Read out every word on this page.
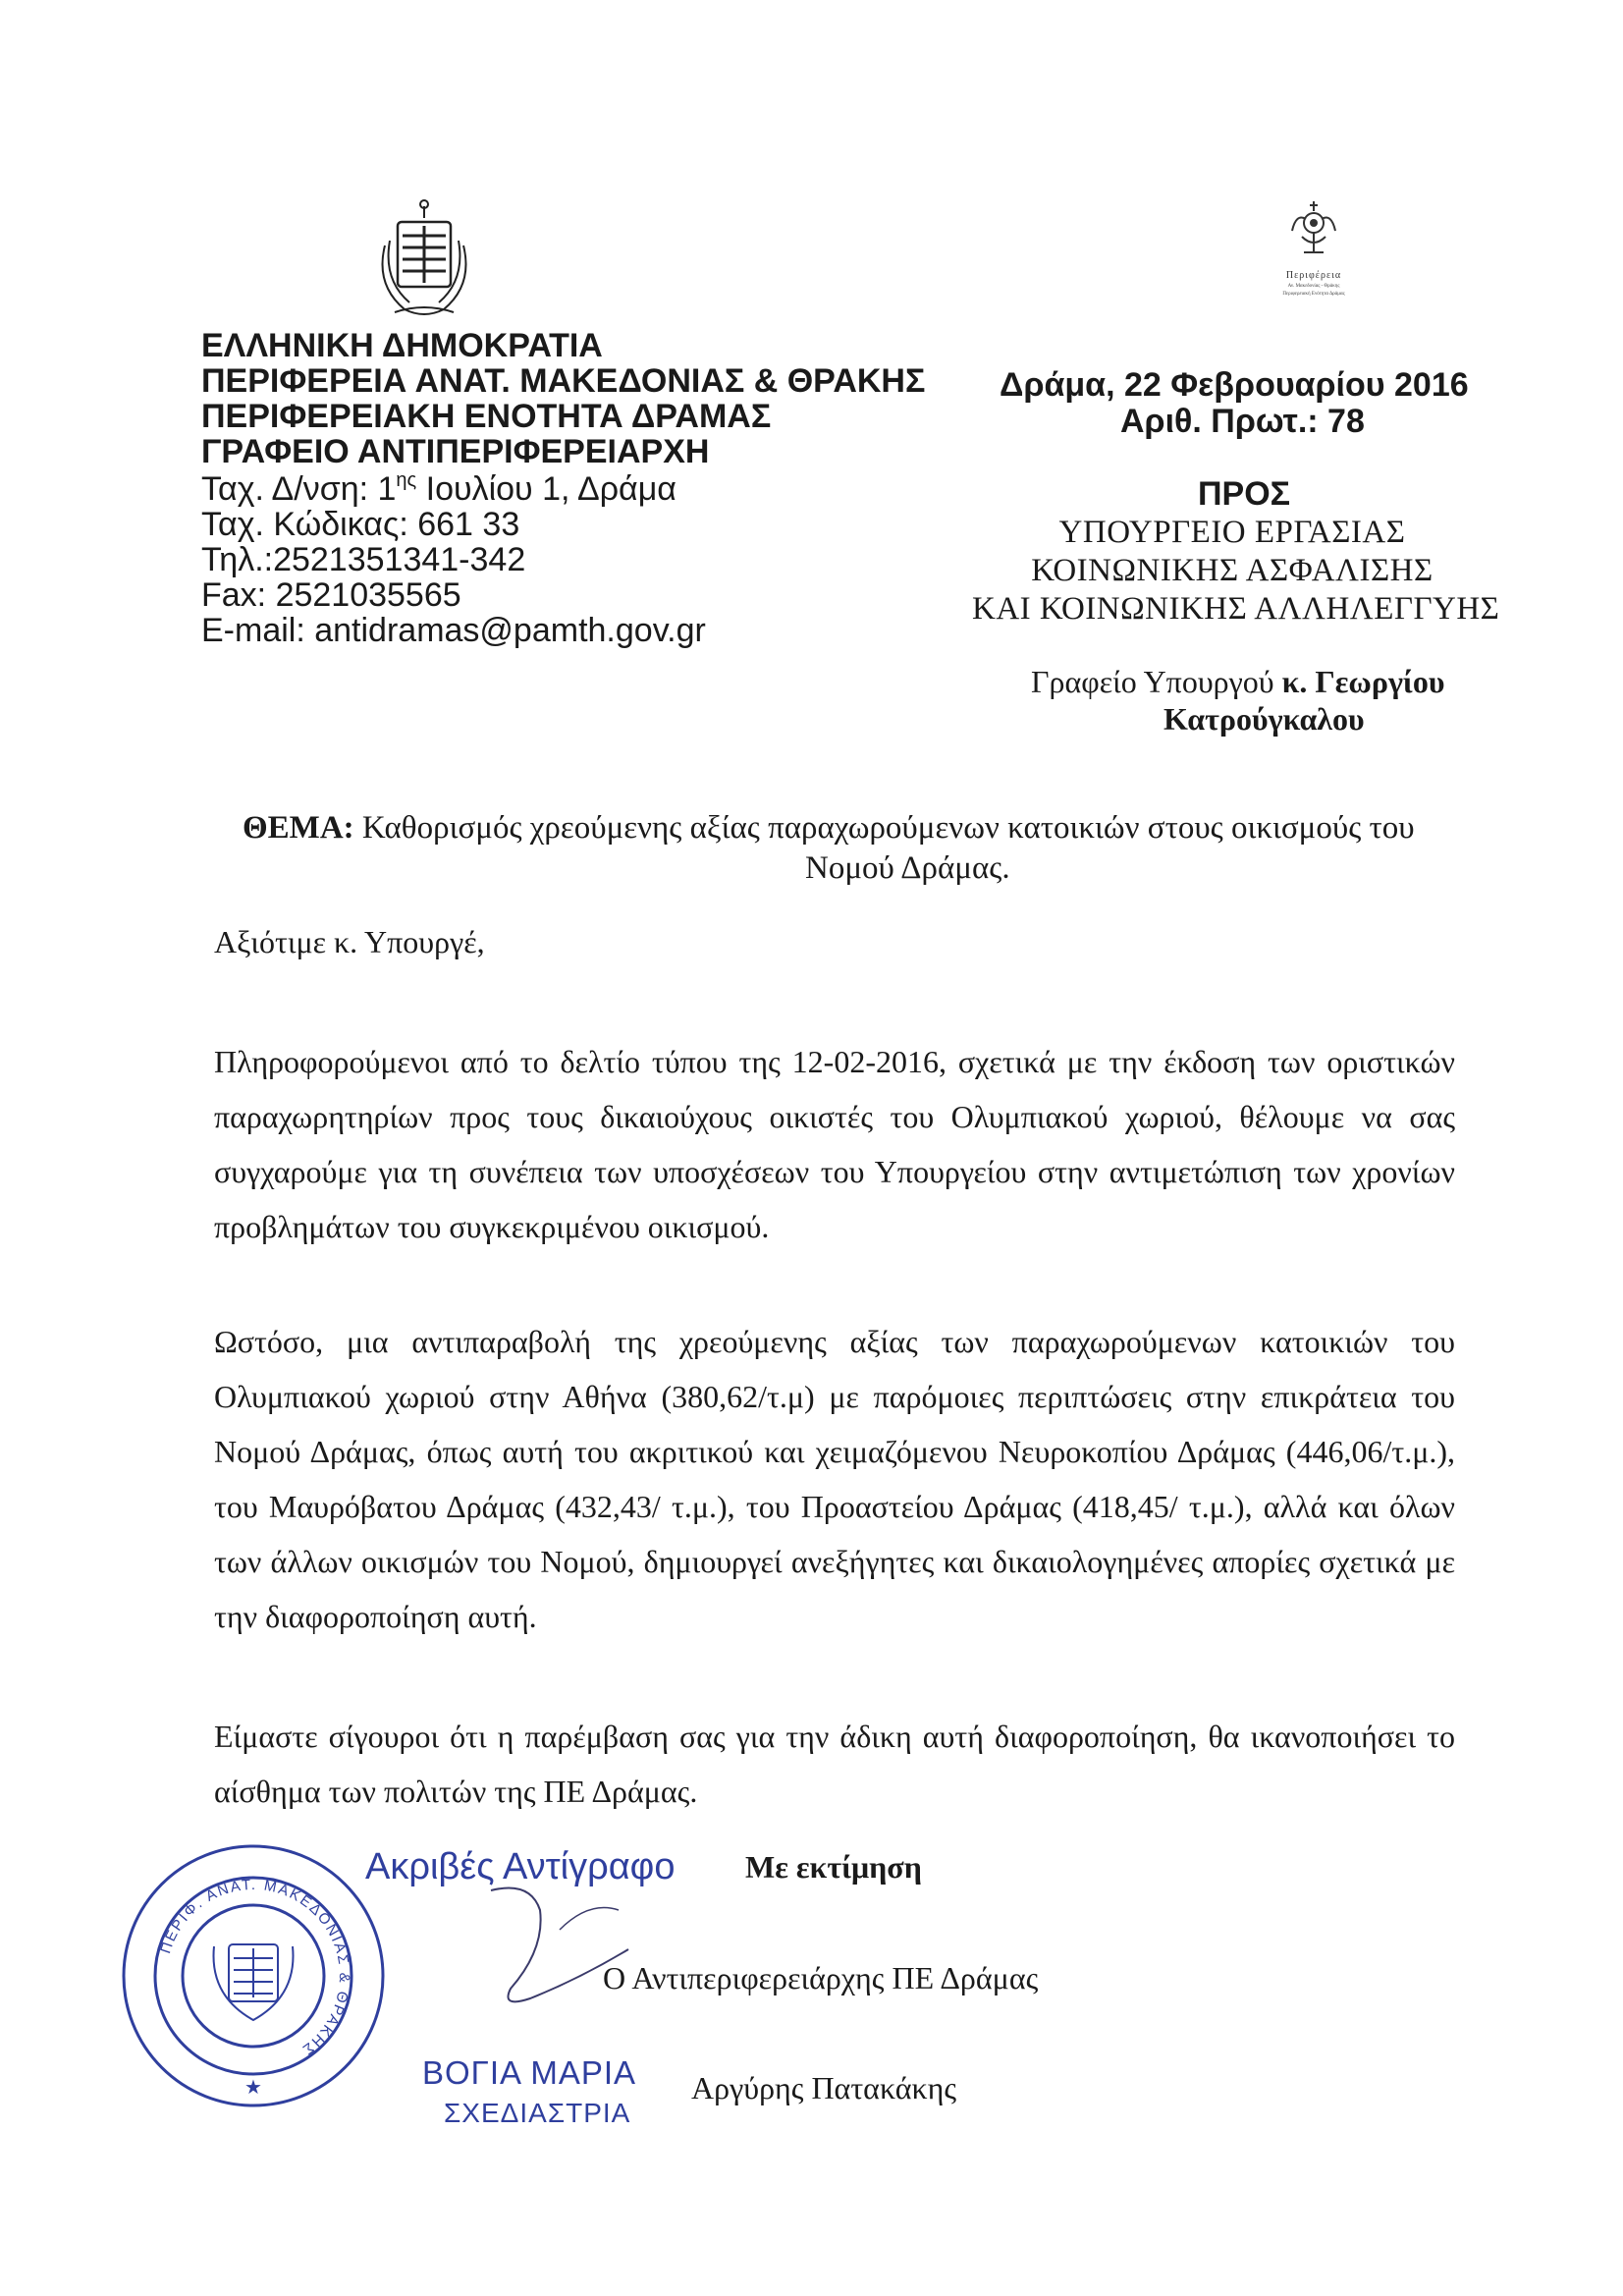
Περιφέρεια
Αν. Μακεδονίας - Θράκης
Περιφερειακή Ενότητα Δράμας
ΕΛΛΗΝΙΚΗ ΔΗΜΟΚΡΑΤΙΑ
ΠΕΡΙΦΕΡΕΙΑ ΑΝΑΤ. ΜΑΚΕΔΟΝΙΑΣ & ΘΡΑΚΗΣ
ΠΕΡΙΦΕΡΕΙΑΚΗ ΕΝΟΤΗΤΑ ΔΡΑΜΑΣ
ΓΡΑΦΕΙΟ ΑΝΤΙΠΕΡΙΦΕΡΕΙΑΡΧΗ
Ταχ. Δ/νση: $1^{\eta\varsigma}$ Ιουλίου 1, Δράμα
Ταχ. Κώδικας: 661 33
Τηλ.:2521351341-342
Fax: 2521035565
E-mail: antidramas@pamth.gov.gr
Δράμα, 22 Φεβρουαρίου 2016
Αριθ. Πρωτ.: 78
ΠΡΟΣ
ΥΠΟΥΡΓΕΙΟ ΕΡΓΑΣΙΑΣ
ΚΟΙΝΩΝΙΚΗΣ ΑΣΦΑΛΙΣΗΣ
ΚΑΙ ΚΟΙΝΩΝΙΚΗΣ ΑΛΛΗΛΕΓΓΥΗΣ
Γραφείο Υπουργού κ. Γεωργίου
Κατρούγκαλου
ΘΕΜΑ: Καθορισμός χρεούμενης αξίας παραχωρούμενων κατοικιών στους οικισμούς του
Νομού Δράμας.
Αξιότιμε κ. Υπουργέ,
Πληροφορούμενοι από το δελτίο τύπου της 12-02-2016, σχετικά με την έκδοση των οριστικών παραχωρητηρίων προς τους δικαιούχους οικιστές του Ολυμπιακού χωριού, θέλουμε να σας συγχαρούμε για τη συνέπεια των υποσχέσεων του Υπουργείου στην αντιμετώπιση των χρονίων προβλημάτων του συγκεκριμένου οικισμού.
Ωστόσο, μια αντιπαραβολή της χρεούμενης αξίας των παραχωρούμενων κατοικιών του Ολυμπιακού χωριού στην Αθήνα (380,62/τ.μ) με παρόμοιες περιπτώσεις στην επικράτεια του Νομού Δράμας, όπως αυτή του ακριτικού και χειμαζόμενου Νευροκοπίου Δράμας (446,06/τ.μ.), του Μαυρόβατου Δράμας (432,43/ τ.μ.), του Προαστείου Δράμας (418,45/ τ.μ.), αλλά και όλων των άλλων οικισμών του Νομού, δημιουργεί ανεξήγητες και δικαιολογημένες απορίες σχετικά με την διαφοροποίηση αυτή.
Είμαστε σίγουροι ότι η παρέμβαση σας για την άδικη αυτή διαφοροποίηση, θα ικανοποιήσει το αίσθημα των πολιτών της ΠΕ Δράμας.
ΠΕΡΙΦ. ΑΝΑΤ. ΜΑΚΕΔΟΝΙΑΣ & ΘΡΑΚΗΣ
★
Ακριβές Αντίγραφο
ΒΟΓΙΑ ΜΑΡΙΑ
ΣΧΕΔΙΑΣΤΡΙΑ
Με εκτίμηση
Ο Αντιπεριφερειάρχης ΠΕ Δράμας
Αργύρης Πατακάκης
